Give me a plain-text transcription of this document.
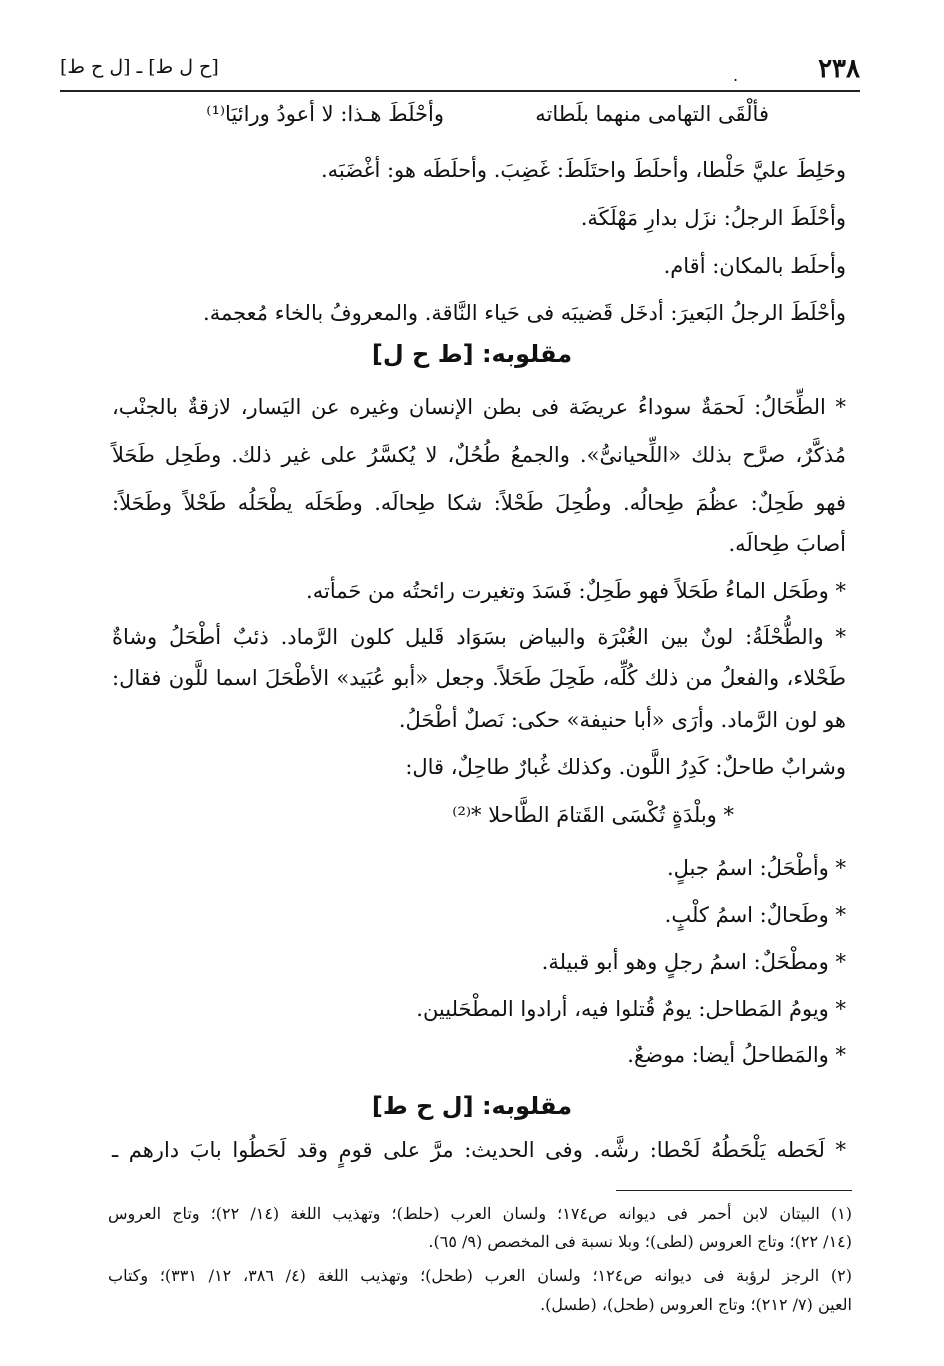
٢٣٨
.
[ح ل ط] ـ [ل ح ط]
فألْقَى التهامى منهما بلَطاته
وأحْلَطَ هـذا: لا أعودُ ورائيَا⁽¹⁾
وحَلِطَ عليَّ حَلْطا، وأحلَطَ واحتَلَطَ: غَضِبَ. وأحلَطَه هو: أغْضَبَه.
وأحْلَطَ الرجلُ: نزَل بدارِ مَهْلَكَة.
وأحلَط بالمكان: أقام.
وأحْلَطَ الرجلُ البَعيرَ: أدخَل قَضيبَه فى حَياء النَّاقة. والمعروفُ بالخاء مُعجمة.
مقلوبه: [ط ح ل]
* الطِّحَالُ: لَحمَةٌ سوداءُ عريضَة فى بطن الإنسان وغيره عن اليَسار، لازقةٌ بالجنْب،
مُذكَّرٌ، صرَّح بذلك «اللِّحيانىُّ». والجمعُ طُحُلٌ، لا يُكسَّرُ على غير ذلك. وطَحِل طَحَلاً
فهو طَحِلٌ: عظُمَ طِحالُه. وطُحِلَ طَحْلاً: شكا طِحالَه. وطَحَلَه يطْحَلُه طَحْلاً وطَحَلاً:
أصابَ طِحالَه.
* وطَحَل الماءُ طَحَلاً فهو طَحِلٌ: فَسَدَ وتغيرت رائحتُه من حَمأته.
* والطُّحْلَةُ: لونٌ بين الغُبْرَة والبياض بسَوَاد قَليل كلون الرَّماد. ذئبٌ أطْحَلُ وشاةٌ
طَحْلاء، والفعلُ من ذلك كُلِّه، طَحِلَ طَحَلاً. وجعل «أبو عُبَيد» الأطْحَلَ اسما للَّون فقال:
هو لون الرَّماد. وأرَى «أبا حنيفة» حكى: نَصلٌ أطْحَلُ.
وشرابٌ طاحلٌ: كَدِرُ اللَّون. وكذلك غُبارٌ طاحِلٌ، قال:
* وبلْدَةٍ تُكْسَى القَتامَ الطَّاحلا *⁽²⁾
* وأطْحَلُ: اسمُ جبلٍ.
* وطَحالٌ: اسمُ كلْبٍ.
* ومطْحَلٌ: اسمُ رجلٍ وهو أبو قبيلة.
* ويومُ المَطاحل: يومٌ قُتلوا فيه، أرادوا المطْحَليين.
* والمَطاحلُ أيضا: موضعٌ.
مقلوبه: [ل ح ط]
* لَحَطه يَلْحَطُهُ لَحْطا: رشَّه. وفى الحديث: مرَّ على قومٍ وقد لَحَطُوا بابَ دارهم ـ
(١) البيتان لابن أحمر فى ديوانه ص١٧٤؛ ولسان العرب (حلط)؛ وتهذيب اللغة (١٤/ ٢٢)؛ وتاج العروس
(١٤/ ٢٢)؛ وتاج العروس (لطى)؛ وبلا نسبة فى المخصص (٩/ ٦٥).
(٢) الرجز لرؤبة فى ديوانه ص١٢٤؛ ولسان العرب (طحل)؛ وتهذيب اللغة (٤/ ٣٨٦، ١٢/ ٣٣١)؛ وكتاب
العين (٧/ ٢١٢)؛ وتاج العروس (طحل)، (طسل).
